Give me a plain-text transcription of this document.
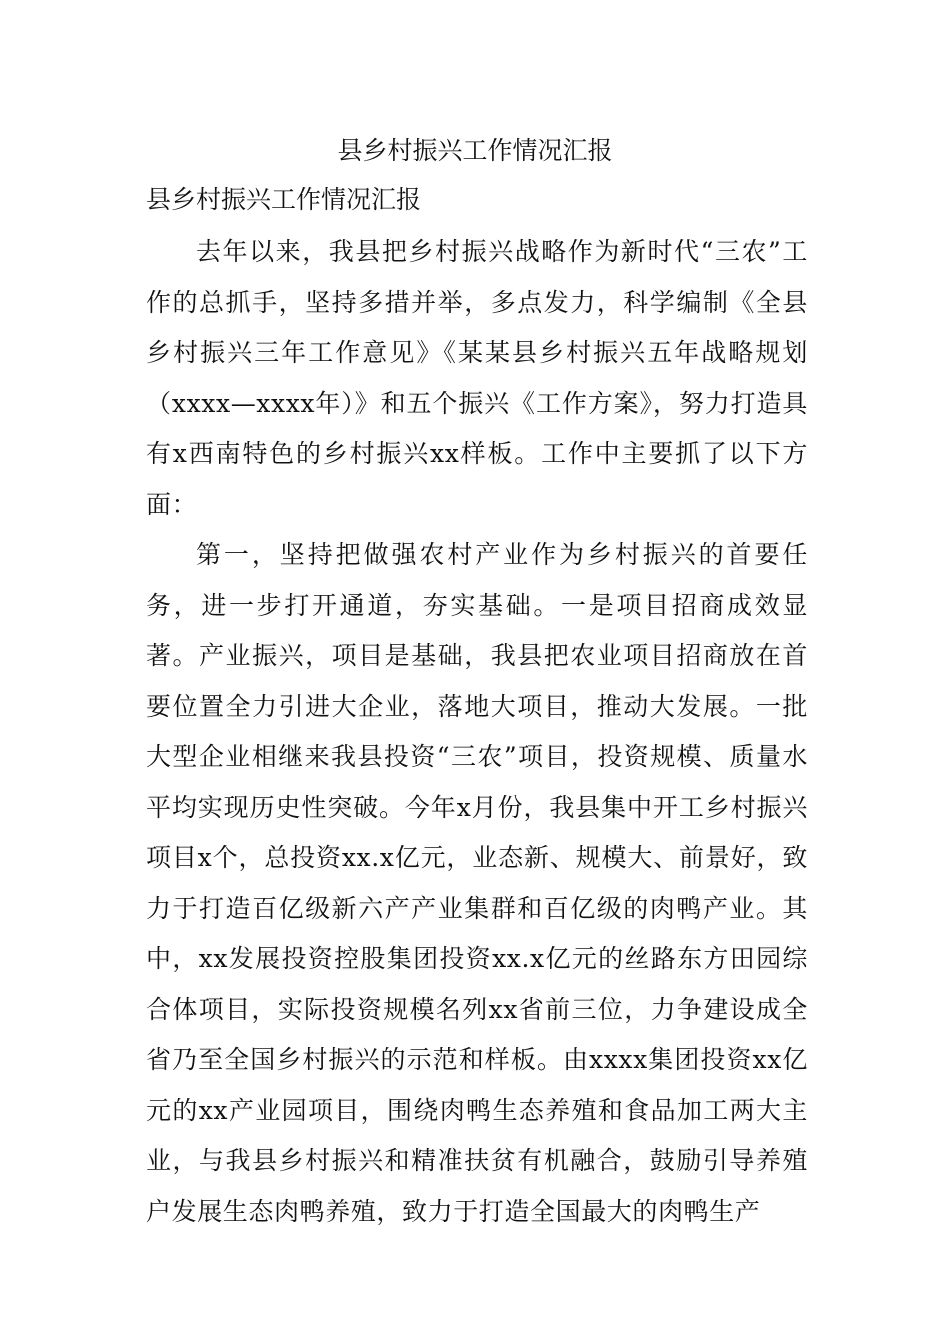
县乡村振兴工作情况汇报
县乡村振兴工作情况汇报

去年以来，我县把乡村振兴战略作为新时代“三农”工作的总抓手，坚持多措并举，多点发力，科学编制《全县乡村振兴三年工作意见》《某某县乡村振兴五年战略规划（xxxx—xxxx年）》和五个振兴《工作方案》，努力打造具有x西南特色的乡村振兴xx样板。工作中主要抓了以下方面：

第一，坚持把做强农村产业作为乡村振兴的首要任务，进一步打开通道，夯实基础。一是项目招商成效显著。产业振兴，项目是基础，我县把农业项目招商放在首要位置全力引进大企业，落地大项目，推动大发展。一批大型企业相继来我县投资“三农”项目，投资规模、质量水平均实现历史性突破。今年x月份，我县集中开工乡村振兴项目x个，总投资xx.x亿元，业态新、规模大、前景好，致力于打造百亿级新六产产业集群和百亿级的肉鸭产业。其中，xx发展投资控股集团投资xx.x亿元的丝路东方田园综合体项目，实际投资规模名列xx省前三位，力争建设成全省乃至全国乡村振兴的示范和样板。由xxxx集团投资xx亿元的xx产业园项目，围绕肉鸭生态养殖和食品加工两大主业，与我县乡村振兴和精准扶贫有机融合，鼓励引导养殖户发展生态肉鸭养殖，致力于打造全国最大的肉鸭生产
